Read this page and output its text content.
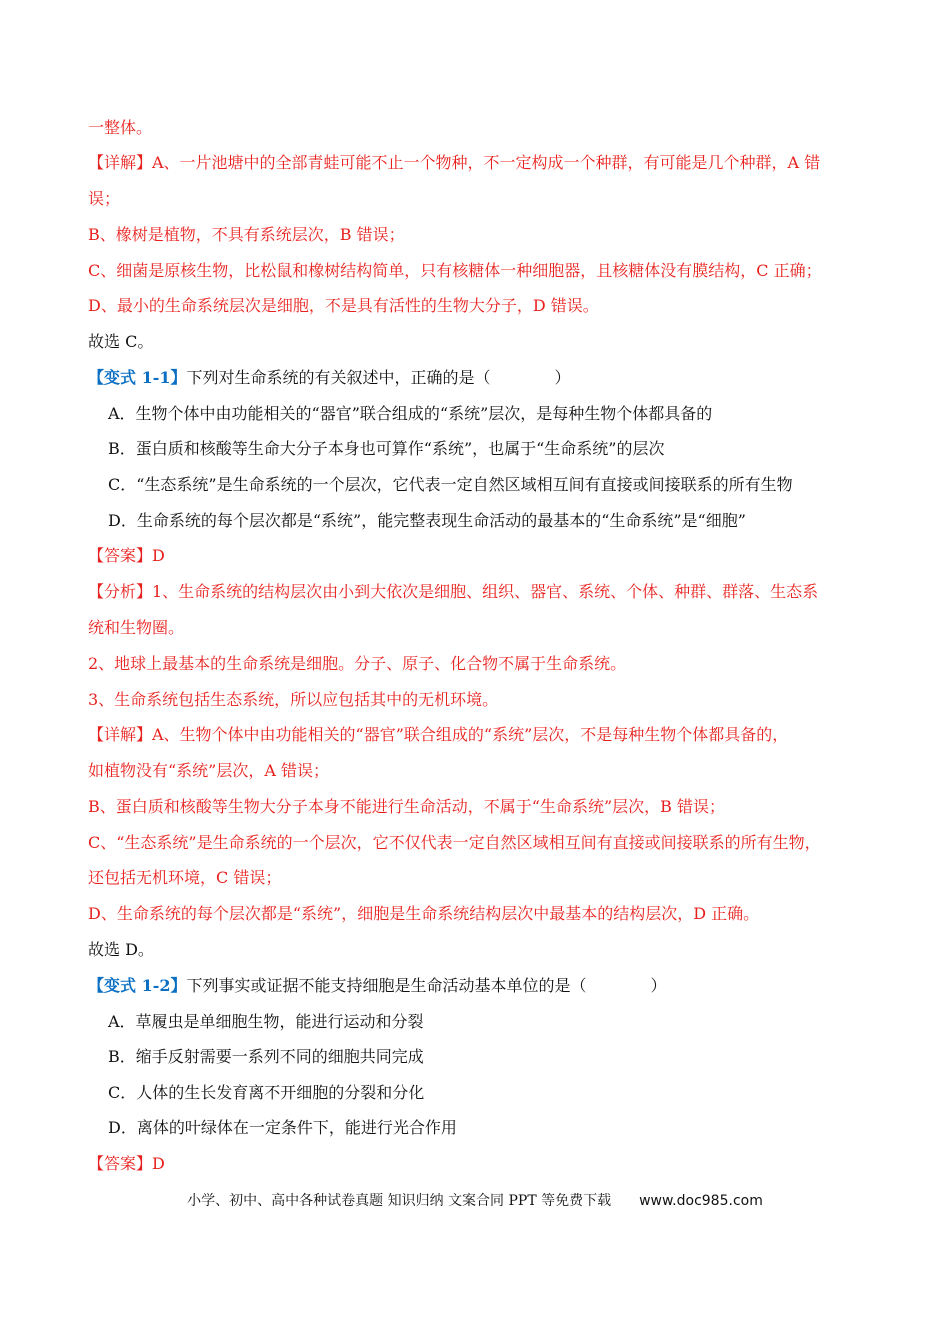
一整体。
【详解】A、一片池塘中的全部青蛙可能不止一个物种，不一定构成一个种群，有可能是几个种群，A 错
误；
B、橡树是植物，不具有系统层次，B 错误；
C、细菌是原核生物，比松鼠和橡树结构简单，只有核糖体一种细胞器，且核糖体没有膜结构，C 正确；
D、最小的生命系统层次是细胞，不是具有活性的生物大分子，D 错误。
故选 C。
【变式 1-1】下列对生命系统的有关叙述中，正确的是（　　　　）
A．生物个体中由功能相关的“器官”联合组成的“系统”层次，是每种生物个体都具备的
B．蛋白质和核酸等生命大分子本身也可算作“系统”，也属于“生命系统”的层次
C．“生态系统”是生命系统的一个层次，它代表一定自然区域相互间有直接或间接联系的所有生物
D．生命系统的每个层次都是“系统”，能完整表现生命活动的最基本的“生命系统”是“细胞”
【答案】D
【分析】1、生命系统的结构层次由小到大依次是细胞、组织、器官、系统、个体、种群、群落、生态系
统和生物圈。
2、地球上最基本的生命系统是细胞。分子、原子、化合物不属于生命系统。
3、生命系统包括生态系统，所以应包括其中的无机环境。
【详解】A、生物个体中由功能相关的“器官”联合组成的“系统”层次，不是每种生物个体都具备的，
如植物没有“系统”层次，A 错误；
B、蛋白质和核酸等生物大分子本身不能进行生命活动，不属于“生命系统”层次，B 错误；
C、“生态系统”是生命系统的一个层次，它不仅代表一定自然区域相互间有直接或间接联系的所有生物，
还包括无机环境，C 错误；
D、生命系统的每个层次都是“系统”，细胞是生命系统结构层次中最基本的结构层次，D 正确。
故选 D。
【变式 1-2】下列事实或证据不能支持细胞是生命活动基本单位的是（　　　　）
A．草履虫是单细胞生物，能进行运动和分裂
B．缩手反射需要一系列不同的细胞共同完成
C．人体的生长发育离不开细胞的分裂和分化
D．离体的叶绿体在一定条件下，能进行光合作用
【答案】D
小学、初中、高中各种试卷真题 知识归纳 文案合同 PPT 等免费下载 www.doc985.com
